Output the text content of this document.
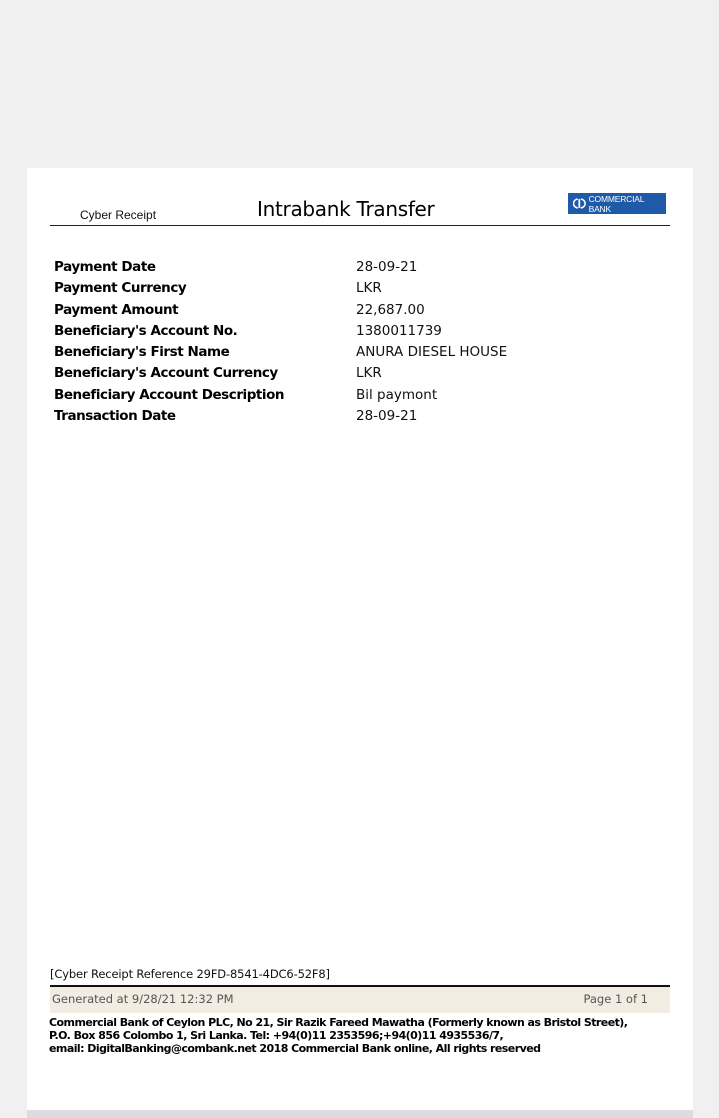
Cyber Receipt	Intrabank Transfer	COMMERCIAL BANK
Payment Date	28-09-21
Payment Currency	LKR
Payment Amount	22,687.00
Beneficiary's Account No.	1380011739
Beneficiary's First Name	ANURA DIESEL HOUSE
Beneficiary's Account Currency	LKR
Beneficiary Account Description	Bil paymont
Transaction Date	28-09-21
[Cyber Receipt Reference 29FD-8541-4DC6-52F8]
Generated at 9/28/21 12:32 PM	Page 1 of 1
Commercial Bank of Ceylon PLC, No 21, Sir Razik Fareed Mawatha (Formerly known as Bristol Street),
P.O. Box 856 Colombo 1, Sri Lanka. Tel: +94(0)11 2353596;+94(0)11 4935536/7,
email: DigitalBanking@combank.net 2018 Commercial Bank online, All rights reserved
